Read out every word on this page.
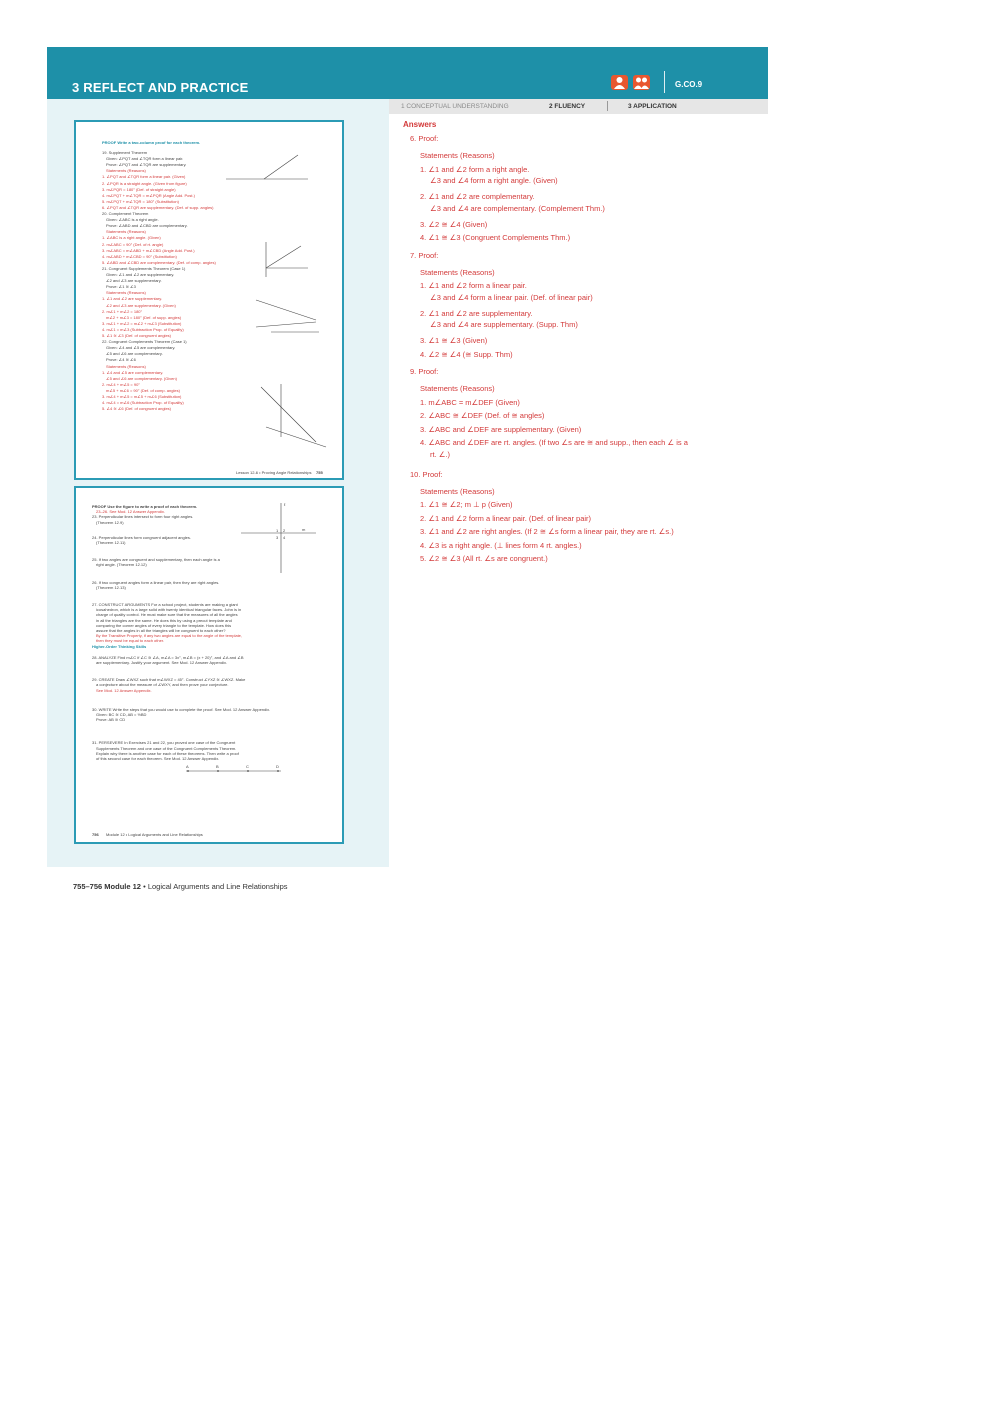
3 REFLECT AND PRACTICE	G.CO.9
1 CONCEPTUAL UNDERSTANDING	2 FLUENCY	3 APPLICATION
PROOF Write a two-column proof for each theorem.
19. Supplement Theorem
Given: ∠PQT and ∠TQR form a linear pair.
Prove: ∠PQT and ∠TQR are supplementary.
Statements (Reasons)
1. ∠PQT and ∠TQR form a linear pair. (Given)
2. ∠PQR is a straight angle. (Given from figure)
3. m∠PQR = 180° (Def. of straight angle)
4. m∠PQT + m∠TQR = m∠PQR (Angle Add. Post.)
5. m∠PQT + m∠TQR = 180° (Substitution)
6. ∠PQT and ∠TQR are supplementary. (Def. of supp. angles)
20. Complement Theorem
Given: ∠ABC is a right angle.
Prove: ∠ABD and ∠CBD are complementary.
Statements (Reasons)
1. ∠ABC is a right angle. (Given)
2. m∠ABC = 90° (Def. of rt. angle)
3. m∠ABC = m∠ABD + m∠CBD (Angle Add. Post.)
4. m∠ABD + m∠CBD = 90° (Substitution)
5. ∠ABD and ∠CBD are complementary. (Def. of comp. angles)
21. Congruent Supplements Theorem (Case 1)
Given: ∠1 and ∠2 are supplementary.
∠2 and ∠3 are supplementary.
Prove: ∠1 ≅ ∠3
Statements (Reasons)
1. ∠1 and ∠2 are supplementary.
∠2 and ∠3 are supplementary. (Given)
2. m∠1 + m∠2 = 180°
m∠2 + m∠3 = 180° (Def. of supp. angles)
3. m∠1 + m∠2 = m∠2 + m∠3 (Substitution)
4. m∠1 = m∠3 (Subtraction Prop. of Equality)
5. ∠1 ≅ ∠3 (Def. of congruent angles)
22. Congruent Complements Theorem (Case 1)
Given: ∠4 and ∠5 are complementary.
∠5 and ∠6 are complementary.
Prove: ∠4 ≅ ∠6
Statements (Reasons)
1. ∠4 and ∠5 are complementary.
∠5 and ∠6 are complementary. (Given)
2. m∠4 + m∠5 = 90°
m∠5 + m∠6 = 90° (Def. of comp. angles)
3. m∠4 + m∠5 = m∠5 + m∠6 (Substitution)
4. m∠4 = m∠6 (Subtraction Prop. of Equality)
5. ∠4 ≅ ∠6 (Def. of congruent angles)
Lesson 12-6 • Proving Angle Relationships 755
PROOF Use the figure to write a proof of each theorem.
23–26. See Mod. 12 Answer Appendix.
23. Perpendicular lines intersect to form four right angles.
(Theorem 12.9)
24. Perpendicular lines form congruent adjacent angles.
(Theorem 12.11)
25. If two angles are congruent and supplementary, then each angle is a
right angle. (Theorem 12.12)
26. If two congruent angles form a linear pair, then they are right angles.
(Theorem 12.13)
27. CONSTRUCT ARGUMENTS For a school project, students are making a giant
icosahedron, which is a large solid with twenty identical triangular faces. John is in
charge of quality control. He must make sure that the measures of all the angles
in all the triangles are the same. He does this by using a precut template and
comparing the corner angles of every triangle to the template. How does this
assure that the angles in all the triangles will be congruent to each other?
By the Transitive Property, if any two angles are equal to the angle of the template,
then they must be equal to each other.
Higher-Order Thinking Skills
28. ANALYZE Find m∠C if ∠C ≅ ∠A, m∠A = 3x°, m∠B = (x + 20)°, and ∠A and ∠B
are supplementary. Justify your argument. See Mod. 12 Answer Appendix.
29. CREATE Draw ∠WXZ such that m∠WXZ = 45°. Construct ∠YXZ ≅ ∠WXZ. Make
a conjecture about the measure of ∠WXY, and then prove your conjecture.
See Mod. 12 Answer Appendix.
30. WRITE Write the steps that you would use to complete the proof. See Mod. 12 Answer Appendix.
Given: BC ≅ CD, AB = ½BD
Prove: AB ≅ CD
31. PERSEVERE In Exercises 21 and 22, you proved one case of the Congruent
Supplements Theorem and one case of the Congruent Complements Theorem.
Explain why there is another case for each of these theorems. Then write a proof
of this second case for each theorem. See Mod. 12 Answer Appendix.
ℓ
m
1 2
3 4
A	B	C	D
756 Module 12 • Logical Arguments and Line Relationships
Answers
6. Proof:
Statements (Reasons)
1. ∠1 and ∠2 form a right angle.
∠3 and ∠4 form a right angle. (Given)
2. ∠1 and ∠2 are complementary.
∠3 and ∠4 are complementary. (Complement Thm.)
3. ∠2 ≅ ∠4 (Given)
4. ∠1 ≅ ∠3 (Congruent Complements Thm.)
7. Proof:
Statements (Reasons)
1. ∠1 and ∠2 form a linear pair.
∠3 and ∠4 form a linear pair. (Def. of linear pair)
2. ∠1 and ∠2 are supplementary.
∠3 and ∠4 are supplementary. (Supp. Thm)
3. ∠1 ≅ ∠3 (Given)
4. ∠2 ≅ ∠4 (≅ Supp. Thm)
9. Proof:
Statements (Reasons)
1. m∠ABC = m∠DEF (Given)
2. ∠ABC ≅ ∠DEF (Def. of ≅ angles)
3. ∠ABC and ∠DEF are supplementary. (Given)
4. ∠ABC and ∠DEF are rt. angles. (If two ∠s are ≅ and supp., then each ∠ is a
rt. ∠.)
10. Proof:
Statements (Reasons)
1. ∠1 ≅ ∠2; m ⊥ p (Given)
2. ∠1 and ∠2 form a linear pair. (Def. of linear pair)
3. ∠1 and ∠2 are right angles. (If 2 ≅ ∠s form a linear pair, they are rt. ∠s.)
4. ∠3 is a right angle. (⊥ lines form 4 rt. angles.)
5. ∠2 ≅ ∠3 (All rt. ∠s are congruent.)
755–756 Module 12 • Logical Arguments and Line Relationships
